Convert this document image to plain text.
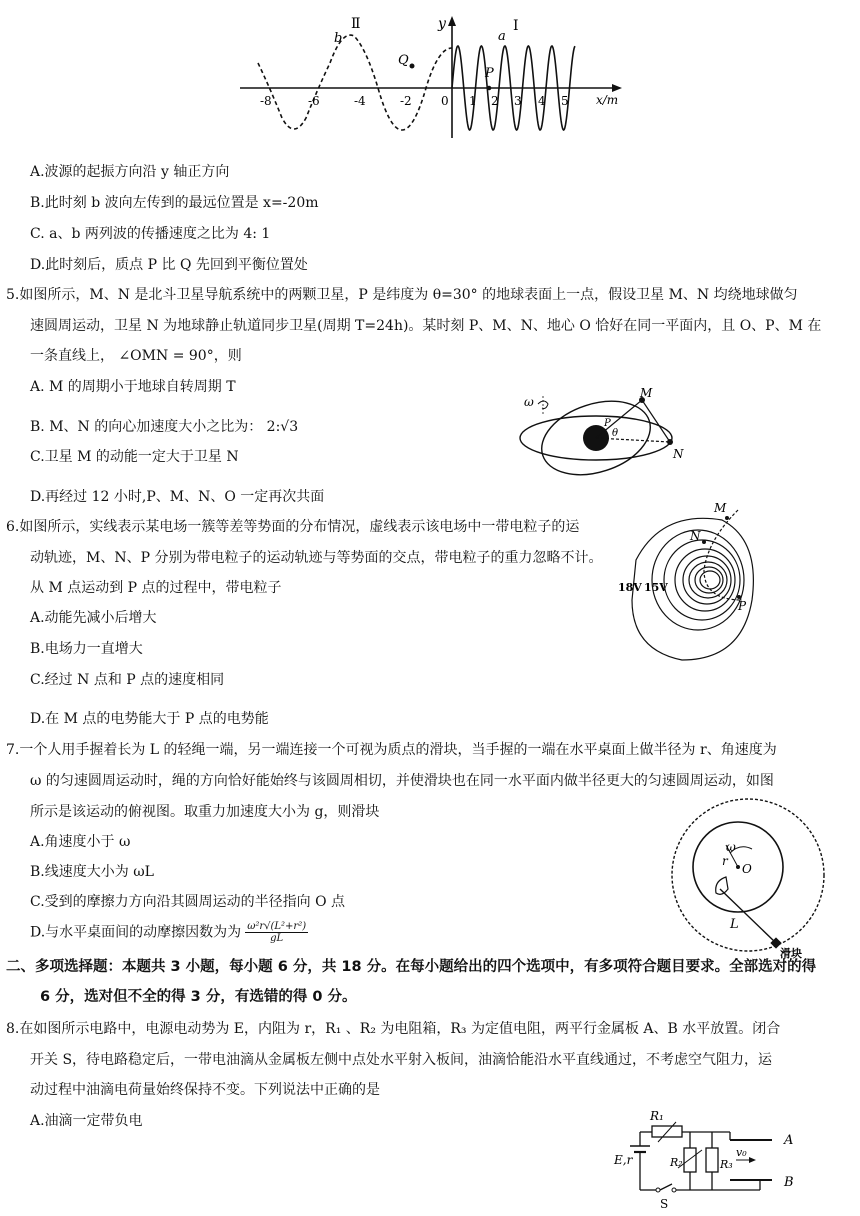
-8	-6	-4	-2 0 1 2 3 4 5 x/m
y
Ⅱ	Ⅰ
b	a
Q
P
A.波源的起振方向沿 y 轴正方向
B.此时刻 b 波向左传到的最远位置是 x=-20m
C. a、b 两列波的传播速度之比为 4: 1
D.此时刻后，质点 P 比 Q 先回到平衡位置处
5.如图所示，M、N 是北斗卫星导航系统中的两颗卫星，P 是纬度为 θ=30° 的地球表面上一点，假设卫星 M、N 均绕地球做匀
速圆周运动，卫星 N 为地球静止轨道同步卫星(周期 T=24h)。某时刻 P、M、N、地心 O 恰好在同一平面内，且 O、P、M 在
一条直线上， ∠OMN = 90°，则
A. M 的周期小于地球自转周期 T
B. M、N 的向心加速度大小之比为： 2:√3
C.卫星 M 的动能一定大于卫星 N
D.再经过 12 小时,P、M、N、O 一定再次共面
ω
M
P
θ
N
6.如图所示，实线表示某电场一簇等差等势面的分布情况，虚线表示该电场中一带电粒子的运
动轨迹，M、N、P 分别为带电粒子的运动轨迹与等势面的交点，带电粒子的重力忽略不计。
从 M 点运动到 P 点的过程中，带电粒子
A.动能先减小后增大
B.电场力一直增大
C.经过 N 点和 P 点的速度相同
D.在 M 点的电势能大于 P 点的电势能
M
N
P
18V 15V
7.一个人用手握着长为 L 的轻绳一端，另一端连接一个可视为质点的滑块，当手握的一端在水平桌面上做半径为 r、角速度为
ω 的匀速圆周运动时，绳的方向恰好能始终与该圆周相切，并使滑块也在同一水平面内做半径更大的匀速圆周运动，如图
所示是该运动的俯视图。取重力加速度大小为 g，则滑块
A.角速度小于 ω
B.线速度大小为 ωL
C.受到的摩擦力方向沿其圆周运动的半径指向 O 点
D.与水平桌面间的动摩擦因数为为 $\frac{\text{ω²r√(L²+r²)}}{gL}$
ω
r
O
L
滑块
二、多项选择题：本题共 3 小题，每小题 6 分，共 18 分。在每小题给出的四个选项中，有多项符合题目要求。全部选对的得
6 分，选对但不全的得 3 分，有选错的得 0 分。
8.在如图所示电路中，电源电动势为 E，内阻为 r，R₁ 、R₂ 为电阻箱，R₃ 为定值电阻，两平行金属板 A、B 水平放置。闭合
开关 S，待电路稳定后，一带电油滴从金属板左侧中点处水平射入板间，油滴恰能沿水平直线通过，不考虑空气阻力，运
动过程中油滴电荷量始终保持不变。下列说法中正确的是
A.油滴一定带负电	R₁
R₂	R₃
E,r
v₀
A
B
S
